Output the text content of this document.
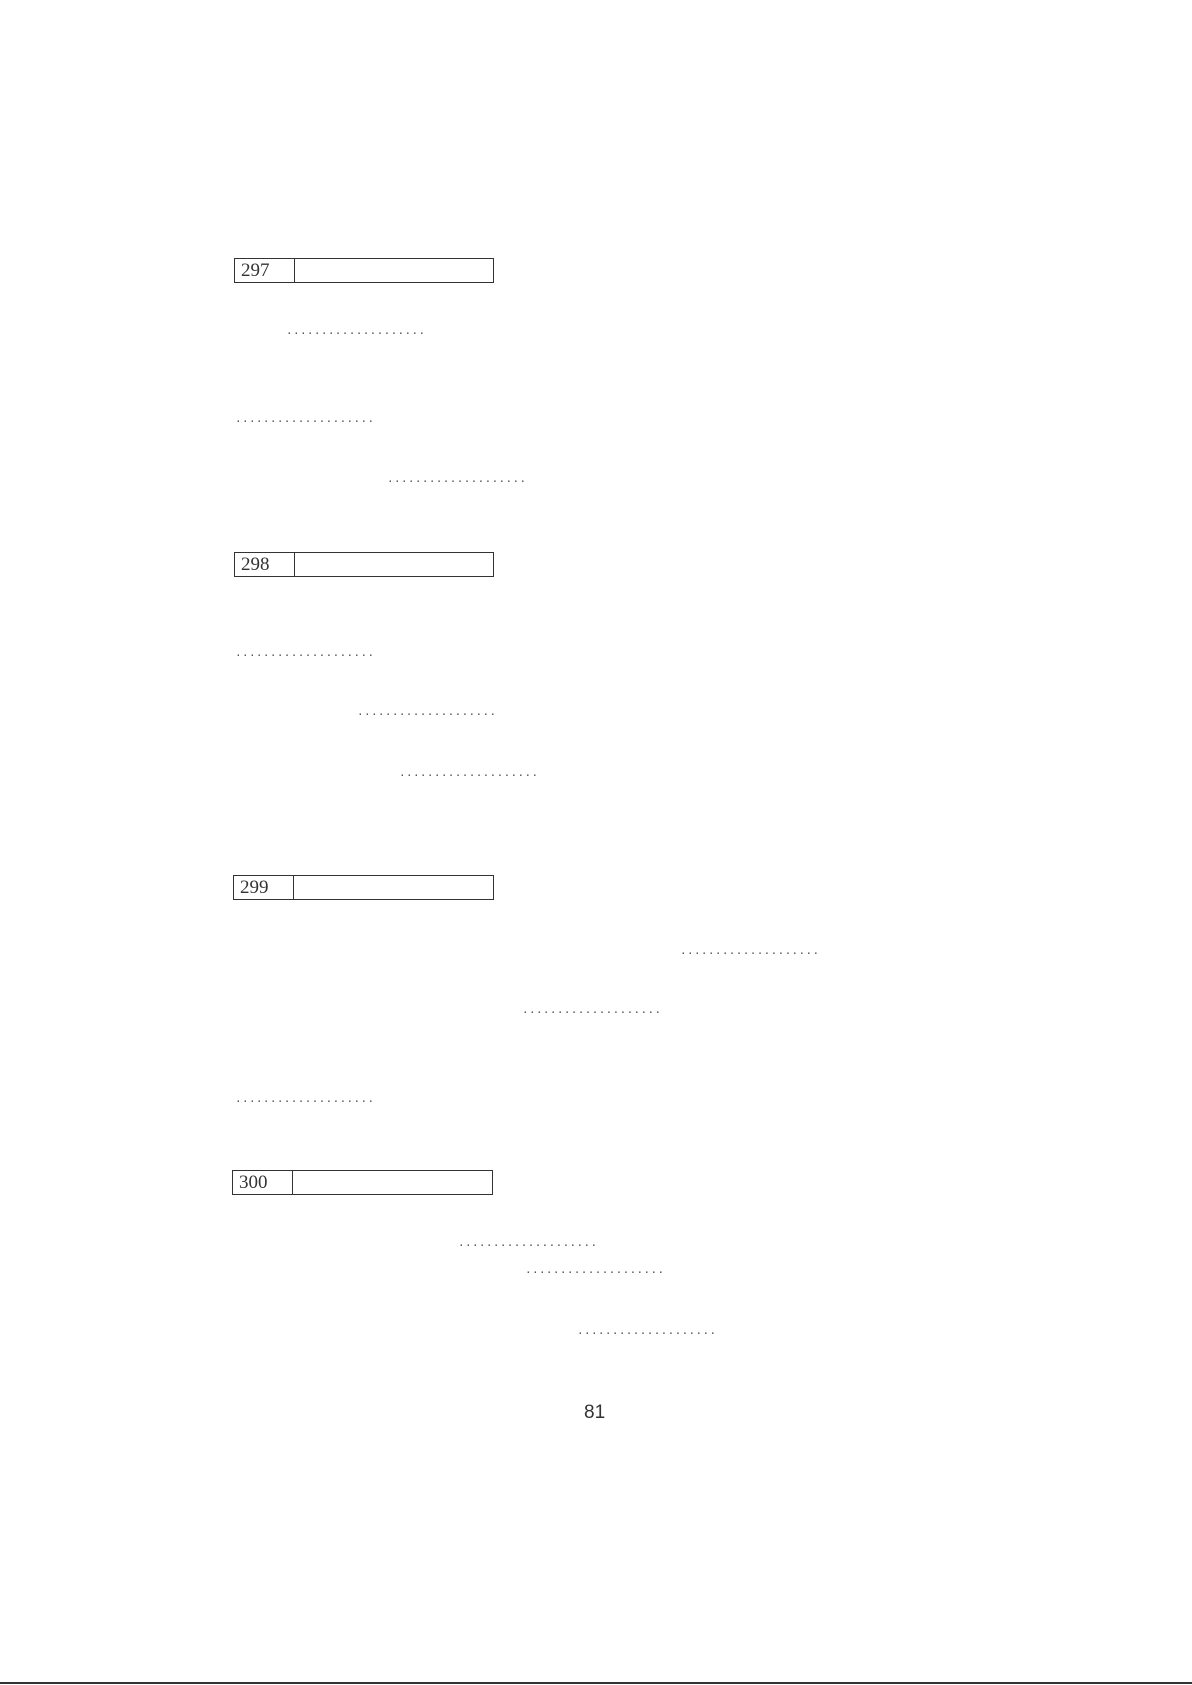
297
....................
....................
....................
298
....................
....................
....................
299
....................
....................
....................
300
....................
....................
....................
81
